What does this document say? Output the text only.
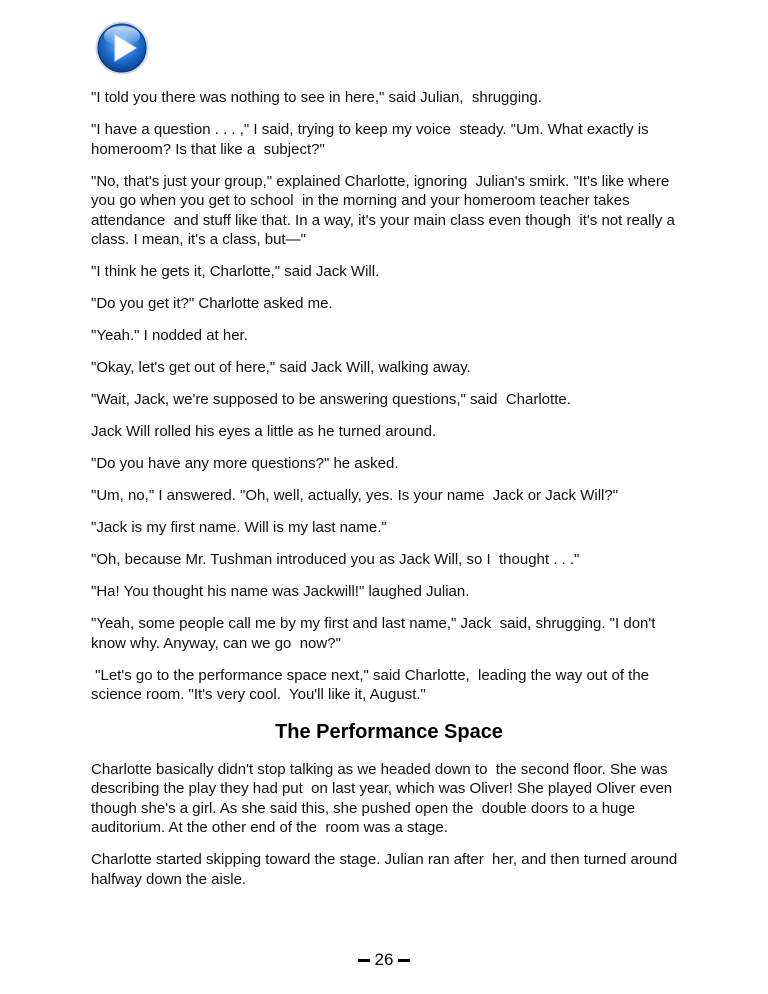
"I told you there was nothing to see in here," said Julian,  shrugging.

"I have a question . . . ," I said, trying to keep my voice  steady. "Um. What exactly is homeroom? Is that like a  subject?"

"No, that's just your group," explained Charlotte, ignoring  Julian's smirk. "It's like where you go when you get to school  in the morning and your homeroom teacher takes attendance  and stuff like that. In a way, it's your main class even though  it's not really a class. I mean, it's a class, but—"

"I think he gets it, Charlotte," said Jack Will.

"Do you get it?" Charlotte asked me.

"Yeah." I nodded at her.

"Okay, let's get out of here," said Jack Will, walking away.

"Wait, Jack, we're supposed to be answering questions," said  Charlotte.

Jack Will rolled his eyes a little as he turned around.

"Do you have any more questions?" he asked.

"Um, no," I answered. "Oh, well, actually, yes. Is your name  Jack or Jack Will?"

"Jack is my first name. Will is my last name."

"Oh, because Mr. Tushman introduced you as Jack Will, so I  thought . . ."

"Ha! You thought his name was Jackwill!" laughed Julian.

"Yeah, some people call me by my first and last name," Jack  said, shrugging. "I don't know why. Anyway, can we go  now?"

"Let's go to the performance space next," said Charlotte,  leading the way out of the science room. "It's very cool.  You'll like it, August."

The Performance Space

Charlotte basically didn't stop talking as we headed down to  the second floor. She was describing the play they had put  on last year, which was Oliver! She played Oliver even though she's a girl. As she said this, she pushed open the  double doors to a huge auditorium. At the other end of the  room was a stage.

Charlotte started skipping toward the stage. Julian ran after  her, and then turned around halfway down the aisle.

26
